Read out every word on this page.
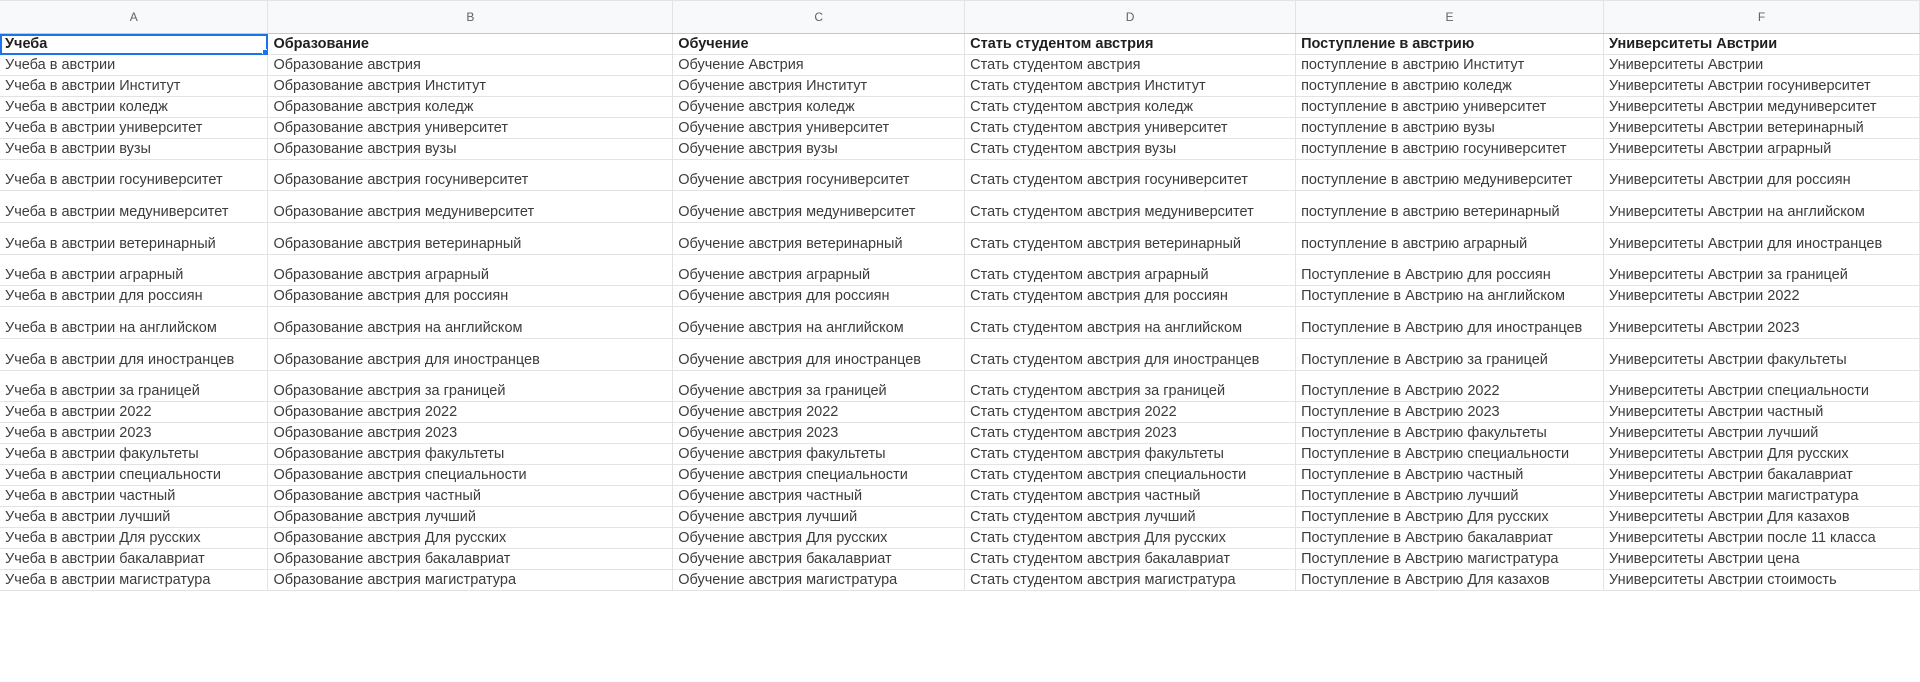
A	B	C	D	E	F
Учеба	Образование	Обучение	Стать студентом австрия	Поступление в австрию	Университеты Австрии
Учеба в австрии	Образование австрия	Обучение Австрия	Стать студентом австрия	поступление в австрию Институт	Университеты Австрии
Учеба в австрии Институт	Образование австрия Институт	Обучение австрия Институт	Стать студентом австрия Институт	поступление в австрию коледж	Университеты Австрии госуниверситет
Учеба в австрии коледж	Образование австрия коледж	Обучение австрия коледж	Стать студентом австрия коледж	поступление в австрию университет	Университеты Австрии медуниверситет
Учеба в австрии университет	Образование австрия университет	Обучение австрия университет	Стать студентом австрия университет	поступление в австрию вузы	Университеты Австрии ветеринарный
Учеба в австрии вузы	Образование австрия вузы	Обучение австрия вузы	Стать студентом австрия вузы	поступление в австрию госуниверситет	Университеты Австрии аграрный
Учеба в австрии госуниверситет	Образование австрия госуниверситет	Обучение австрия госуниверситет	Стать студентом австрия госуниверситет	поступление в австрию медуниверситет	Университеты Австрии для россиян
Учеба в австрии медуниверситет	Образование австрия медуниверситет	Обучение австрия медуниверситет	Стать студентом австрия медуниверситет	поступление в австрию ветеринарный	Университеты Австрии на английском
Учеба в австрии ветеринарный	Образование австрия ветеринарный	Обучение австрия ветеринарный	Стать студентом австрия ветеринарный	поступление в австрию аграрный	Университеты Австрии для иностранцев
Учеба в австрии аграрный	Образование австрия аграрный	Обучение австрия аграрный	Стать студентом австрия аграрный	Поступление в Австрию для россиян	Университеты Австрии за границей
Учеба в австрии для россиян	Образование австрия для россиян	Обучение австрия для россиян	Стать студентом австрия для россиян	Поступление в Австрию на английском	Университеты Австрии 2022
Учеба в австрии на английском	Образование австрия на английском	Обучение австрия на английском	Стать студентом австрия на английском	Поступление в Австрию для иностранцев	Университеты Австрии 2023
Учеба в австрии для иностранцев	Образование австрия для иностранцев	Обучение австрия для иностранцев	Стать студентом австрия для иностранцев	Поступление в Австрию за границей	Университеты Австрии факультеты
Учеба в австрии за границей	Образование австрия за границей	Обучение австрия за границей	Стать студентом австрия за границей	Поступление в Австрию 2022	Университеты Австрии специальности
Учеба в австрии 2022	Образование австрия 2022	Обучение австрия 2022	Стать студентом австрия 2022	Поступление в Австрию 2023	Университеты Австрии частный
Учеба в австрии 2023	Образование австрия 2023	Обучение австрия 2023	Стать студентом австрия 2023	Поступление в Австрию факультеты	Университеты Австрии лучший
Учеба в австрии факультеты	Образование австрия факультеты	Обучение австрия факультеты	Стать студентом австрия факультеты	Поступление в Австрию специальности	Университеты Австрии Для русских
Учеба в австрии специальности	Образование австрия специальности	Обучение австрия специальности	Стать студентом австрия специальности	Поступление в Австрию частный	Университеты Австрии бакалавриат
Учеба в австрии частный	Образование австрия частный	Обучение австрия частный	Стать студентом австрия частный	Поступление в Австрию лучший	Университеты Австрии магистратура
Учеба в австрии лучший	Образование австрия лучший	Обучение австрия лучший	Стать студентом австрия лучший	Поступление в Австрию Для русских	Университеты Австрии Для казахов
Учеба в австрии Для русских	Образование австрия Для русских	Обучение австрия Для русских	Стать студентом австрия Для русских	Поступление в Австрию бакалавриат	Университеты Австрии после 11 класса
Учеба в австрии бакалавриат	Образование австрия бакалавриат	Обучение австрия бакалавриат	Стать студентом австрия бакалавриат	Поступление в Австрию магистратура	Университеты Австрии цена
Учеба в австрии магистратура	Образование австрия магистратура	Обучение австрия магистратура	Стать студентом австрия магистратура	Поступление в Австрию Для казахов	Университеты Австрии стоимость
